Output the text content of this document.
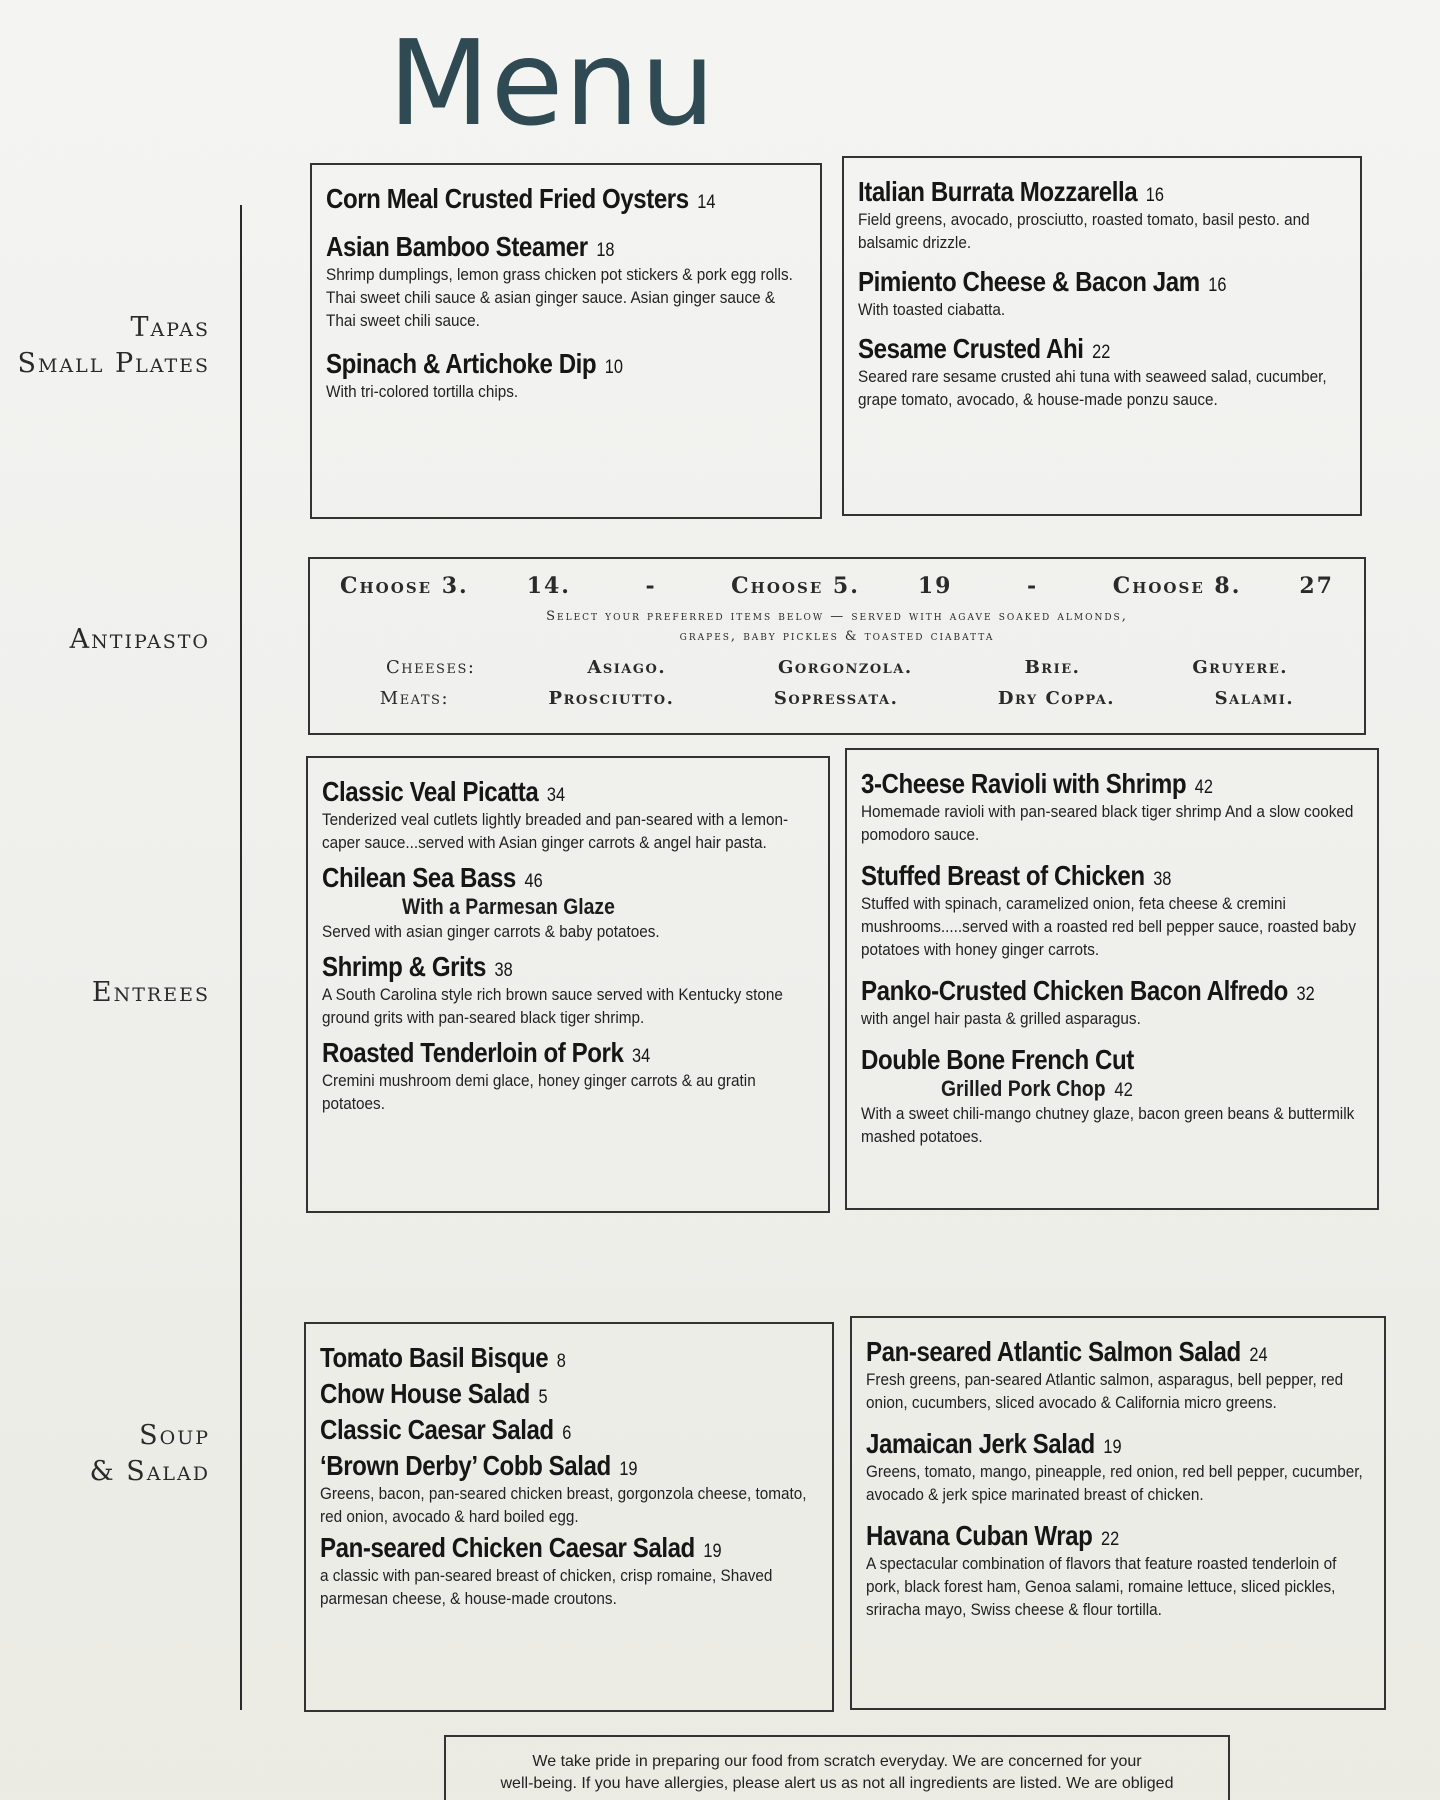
Menu
Tapas
Small Plates
Antipasto
Entrees
Soup
& Salad
Corn Meal Crusted Fried Oysters 14
Asian Bamboo Steamer 18
Shrimp dumplings, lemon grass chicken pot stickers & pork egg rolls. Thai sweet chili sauce & asian ginger sauce. Asian ginger sauce & Thai sweet chili sauce.
Spinach & Artichoke Dip 10
With tri-colored tortilla chips.
Italian Burrata Mozzarella 16
Field greens, avocado, prosciutto, roasted tomato, basil pesto. and balsamic drizzle.
Pimiento Cheese & Bacon Jam 16
With toasted ciabatta.
Sesame Crusted Ahi 22
Seared rare sesame crusted ahi tuna with seaweed salad, cucumber, grape tomato, avocado, & house-made ponzu sauce.
Choose 3.	14.	-	Choose 5.	19	-	Choose 8.	27
Select your preferred items below — served with agave soaked almonds,
grapes, baby pickles & toasted ciabatta
Cheeses:	Asiago.	Gorgonzola.	Brie.	Gruyere.
Meats:	Prosciutto.	Sopressata.	Dry Coppa.	Salami.
Classic Veal Picatta 34
Tenderized veal cutlets lightly breaded and pan-seared with a lemon-caper sauce...served with Asian ginger carrots & angel hair pasta.
Chilean Sea Bass 46
With a Parmesan Glaze
Served with asian ginger carrots & baby potatoes.
Shrimp & Grits 38
A South Carolina style rich brown sauce served with Kentucky stone ground grits with pan-seared black tiger shrimp.
Roasted Tenderloin of Pork 34
Cremini mushroom demi glace, honey ginger carrots & au gratin potatoes.
3-Cheese Ravioli with Shrimp 42
Homemade ravioli with pan-seared black tiger shrimp And a slow cooked pomodoro sauce.
Stuffed Breast of Chicken 38
Stuffed with spinach, caramelized onion, feta cheese & cremini mushrooms.....served with a roasted red bell pepper sauce, roasted baby potatoes with honey ginger carrots.
Panko-Crusted Chicken Bacon Alfredo 32
with angel hair pasta & grilled asparagus.
Double Bone French Cut
Grilled Pork Chop 42
With a sweet chili-mango chutney glaze, bacon green beans & buttermilk mashed potatoes.
Tomato Basil Bisque 8
Chow House Salad 5
Classic Caesar Salad 6
‘Brown Derby’ Cobb Salad 19
Greens, bacon, pan-seared chicken breast, gorgonzola cheese, tomato, red onion, avocado & hard boiled egg.
Pan-seared Chicken Caesar Salad 19
a classic with pan-seared breast of chicken, crisp romaine, Shaved parmesan cheese, & house-made croutons.
Pan-seared Atlantic Salmon Salad 24
Fresh greens, pan-seared Atlantic salmon, asparagus, bell pepper, red onion, cucumbers, sliced avocado & California micro greens.
Jamaican Jerk Salad 19
Greens, tomato, mango, pineapple, red onion, red bell pepper, cucumber, avocado & jerk spice marinated breast of chicken.
Havana Cuban Wrap 22
A spectacular combination of flavors that feature roasted tenderloin of pork, black forest ham, Genoa salami, romaine lettuce, sliced pickles, sriracha mayo, Swiss cheese & flour tortilla.
We take pride in preparing our food from scratch everyday. We are concerned for your
well-being. If you have allergies, please alert us as not all ingredients are listed. We are obliged
